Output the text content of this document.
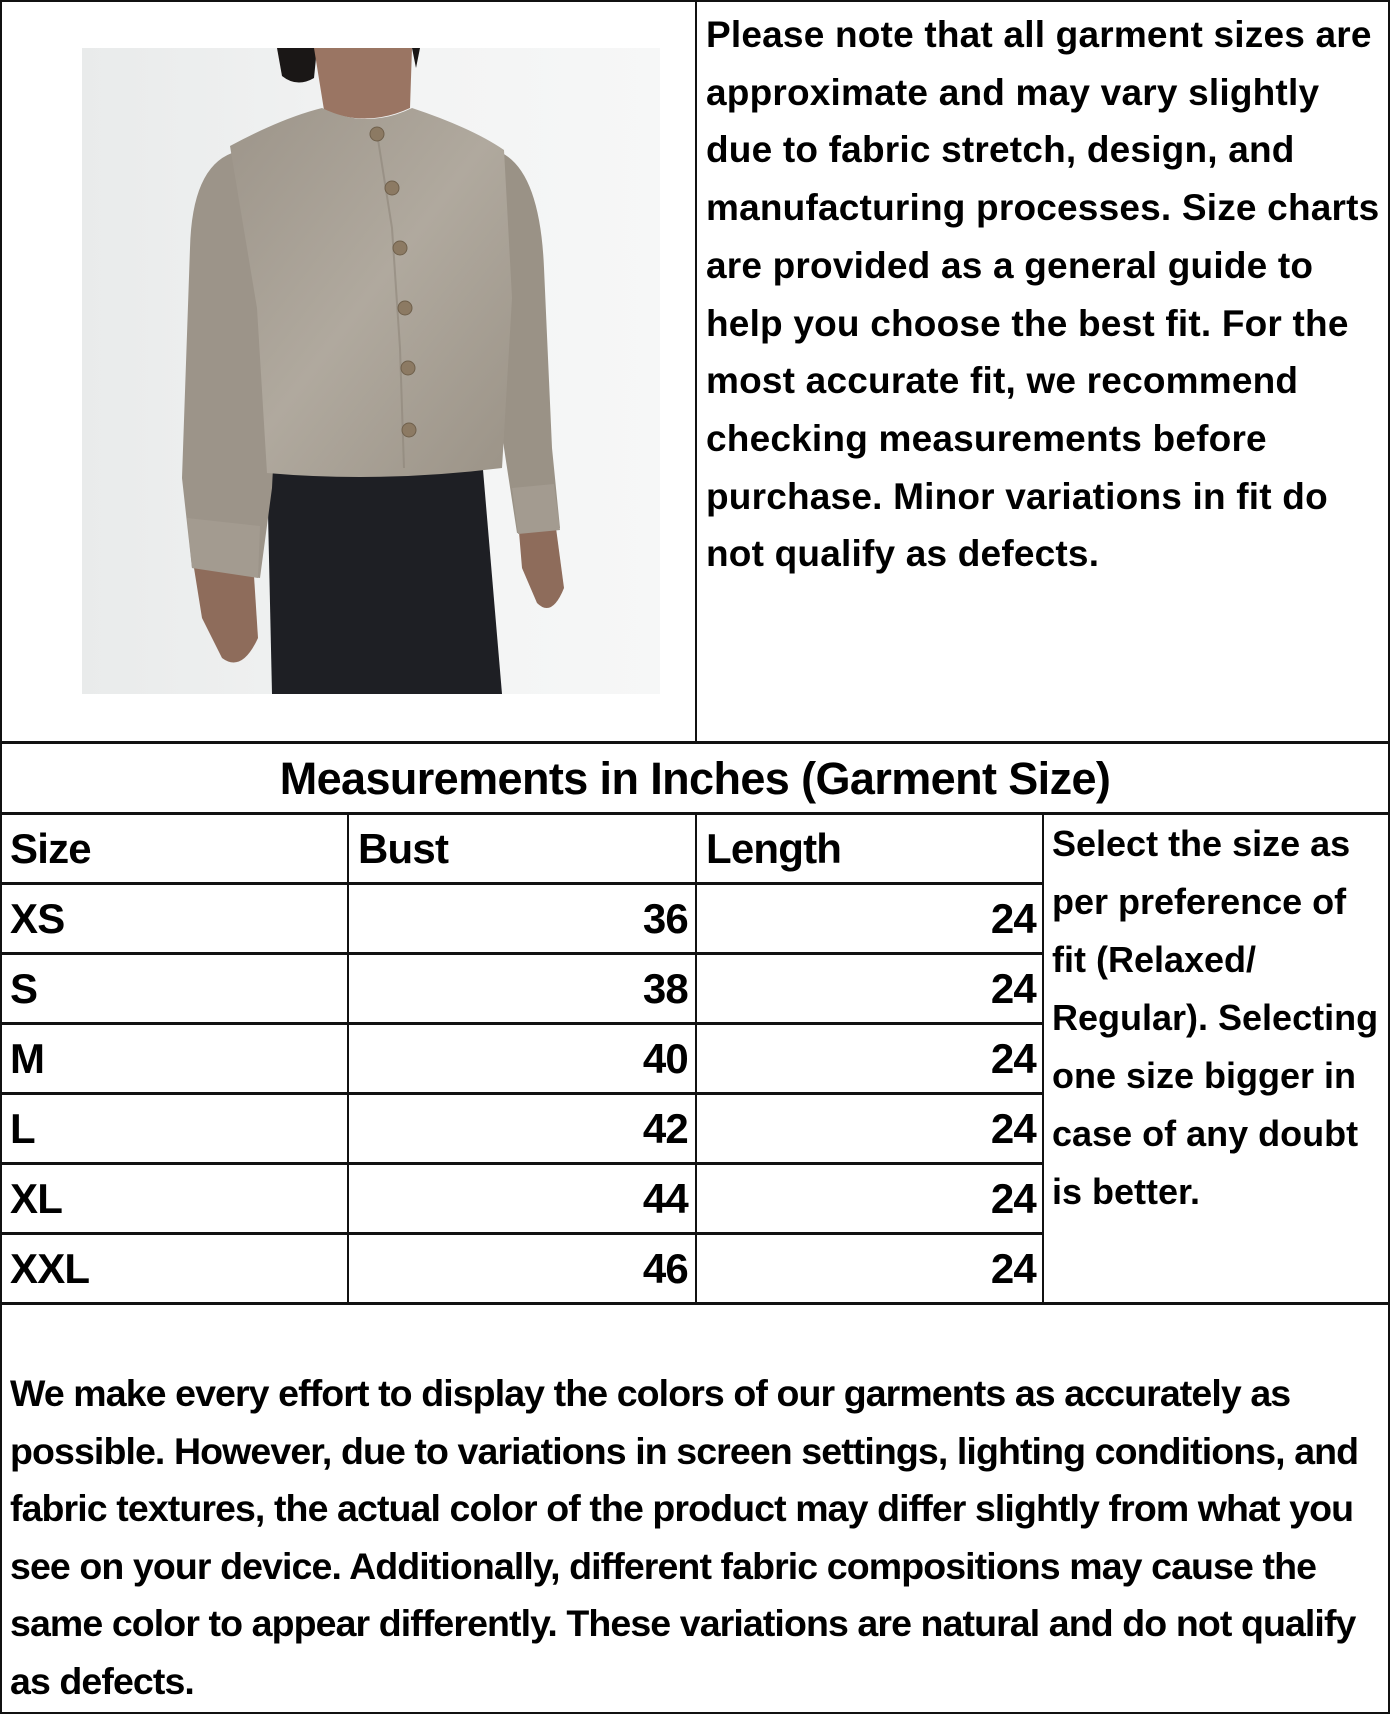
Please note that all garment sizes are approximate and may vary slightly due to fabric stretch, design, and manufacturing processes. Size charts are provided as a general guide to help you choose the best fit. For the most accurate fit, we recommend checking measurements before purchase. Minor variations in fit do not qualify as defects.
Measurements in Inches (Garment Size)
Size	Bust	Length
XS	36	24
S	38	24
M	40	24
L	42	24
XL	44	24
XXL	46	24
Select the size as per preference of fit (Relaxed/ Regular). Selecting one size bigger in case of any doubt is better.
We make every effort to display the colors of our garments as accurately as possible. However, due to variations in screen settings, lighting conditions, and fabric textures, the actual color of the product may differ slightly from what you see on your device. Additionally, different fabric compositions may cause the same color to appear differently. These variations are natural and do not qualify as defects.
